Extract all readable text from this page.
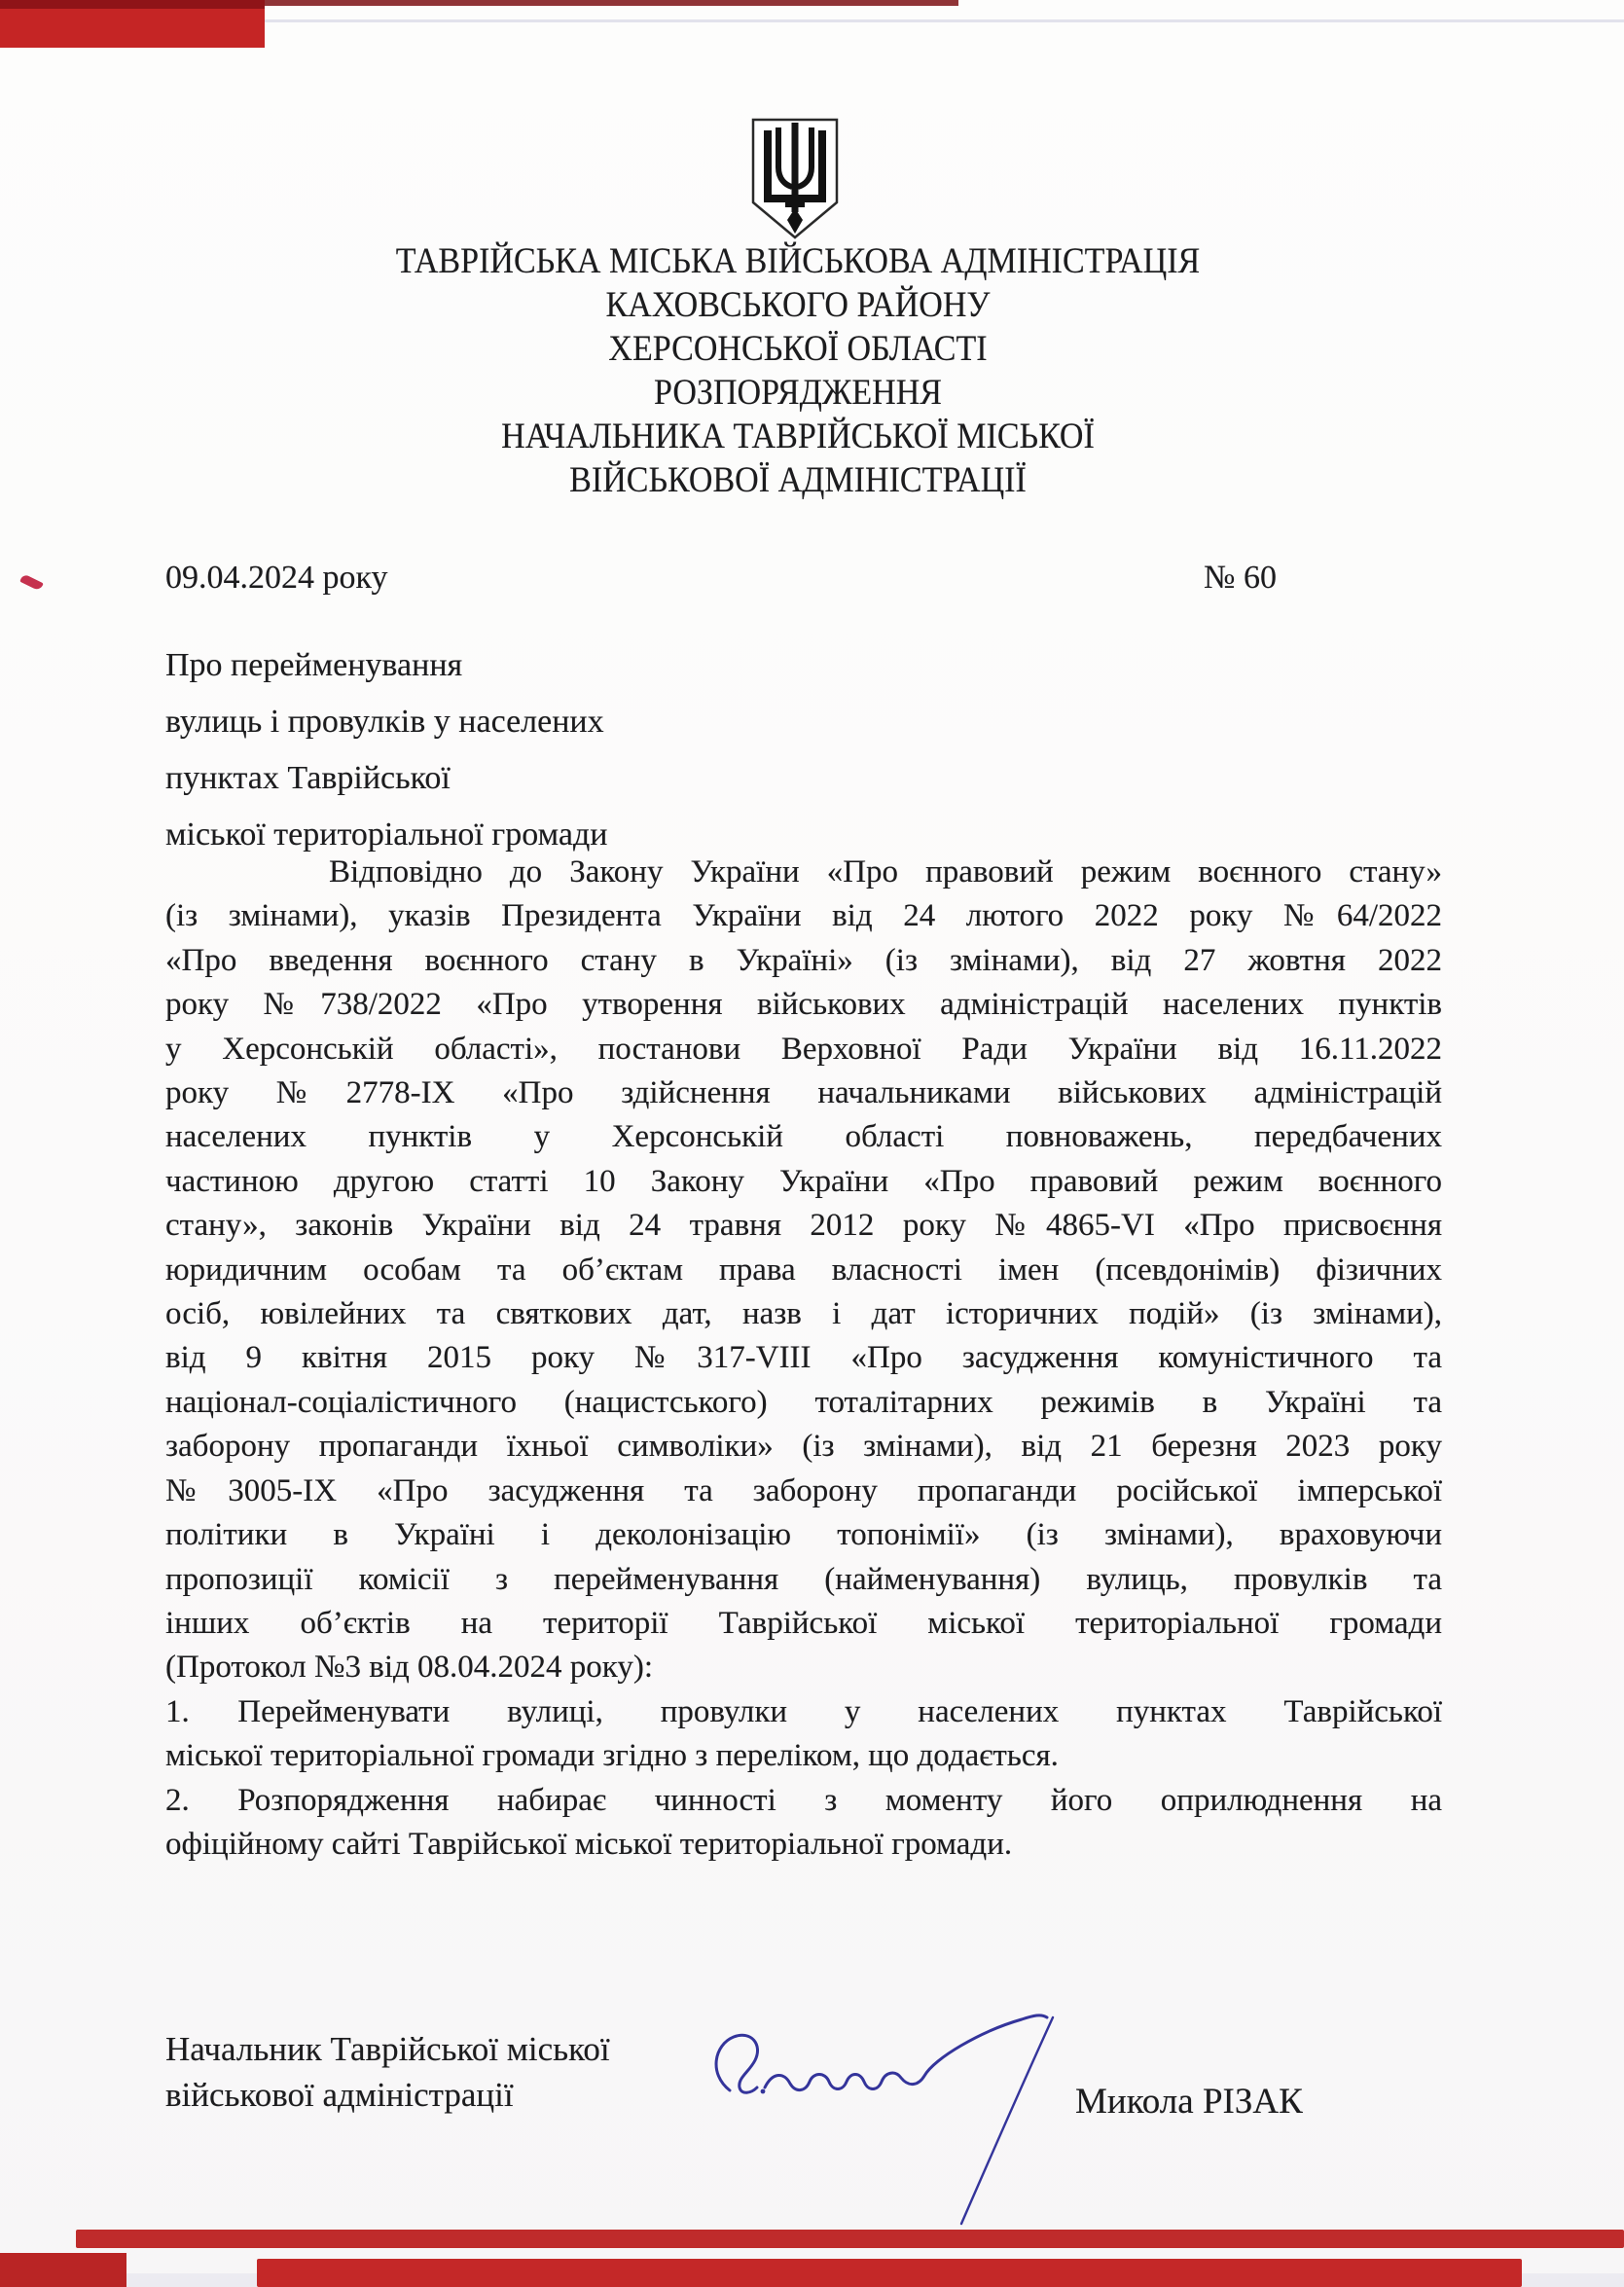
ТАВРІЙСЬКА МІСЬКА ВІЙСЬКОВА АДМІНІСТРАЦІЯ
КАХОВСЬКОГО РАЙОНУ
ХЕРСОНСЬКОЇ ОБЛАСТІ
РОЗПОРЯДЖЕННЯ
НАЧАЛЬНИКА ТАВРІЙСЬКОЇ МІСЬКОЇ
ВІЙСЬКОВОЇ АДМІНІСТРАЦІЇ
09.04.2024 року	№ 60
Про перейменування
вулиць і провулків у населених
пунктах Таврійської
міської територіальної громади
Відповідно до Закону України «Про правовий режим воєнного стану»
(із змінами), указів Президента України від 24 лютого 2022 року №64/2022
«Про введення воєнного стану в Україні» (із змінами), від 27 жовтня 2022
року №738/2022 «Про утворення військових адміністрацій населених пунктів
у Херсонській області», постанови Верховної Ради України від 16.11.2022
року №2778-ІХ «Про здійснення начальниками військових адміністрацій
населених пунктів у Херсонській області повноважень, передбачених
частиною другою статті 10 Закону України «Про правовий режим воєнного
стану», законів України від 24 травня 2012 року №4865-VI «Про присвоєння
юридичним особам та об’єктам права власності імен (псевдонімів) фізичних
осіб, ювілейних та святкових дат, назв і дат історичних подій» (із змінами),
від 9 квітня 2015 року №317-VIII «Про засудження комуністичного та
націонал-соціалістичного (нацистського) тоталітарних режимів в Україні та
заборону пропаганди їхньої символіки» (із змінами), від 21 березня 2023 року
№3005-ІХ «Про засудження та заборону пропаганди російської імперської
політики в Україні і деколонізацію топонімії» (із змінами), враховуючи
пропозиції комісії з перейменування (найменування) вулиць, провулків та
інших об’єктів на території Таврійської міської територіальної громади
(Протокол №3 від 08.04.2024 року):
1.  Перейменувати вулиці, провулки у населених пунктах Таврійської
міської територіальної громади згідно з переліком, що додається.
2.  Розпорядження набирає чинності з моменту його оприлюднення на
офіційному сайті Таврійської міської територіальної громади.
Начальник Таврійської міської
військової адміністрації	Микола РІЗАК
